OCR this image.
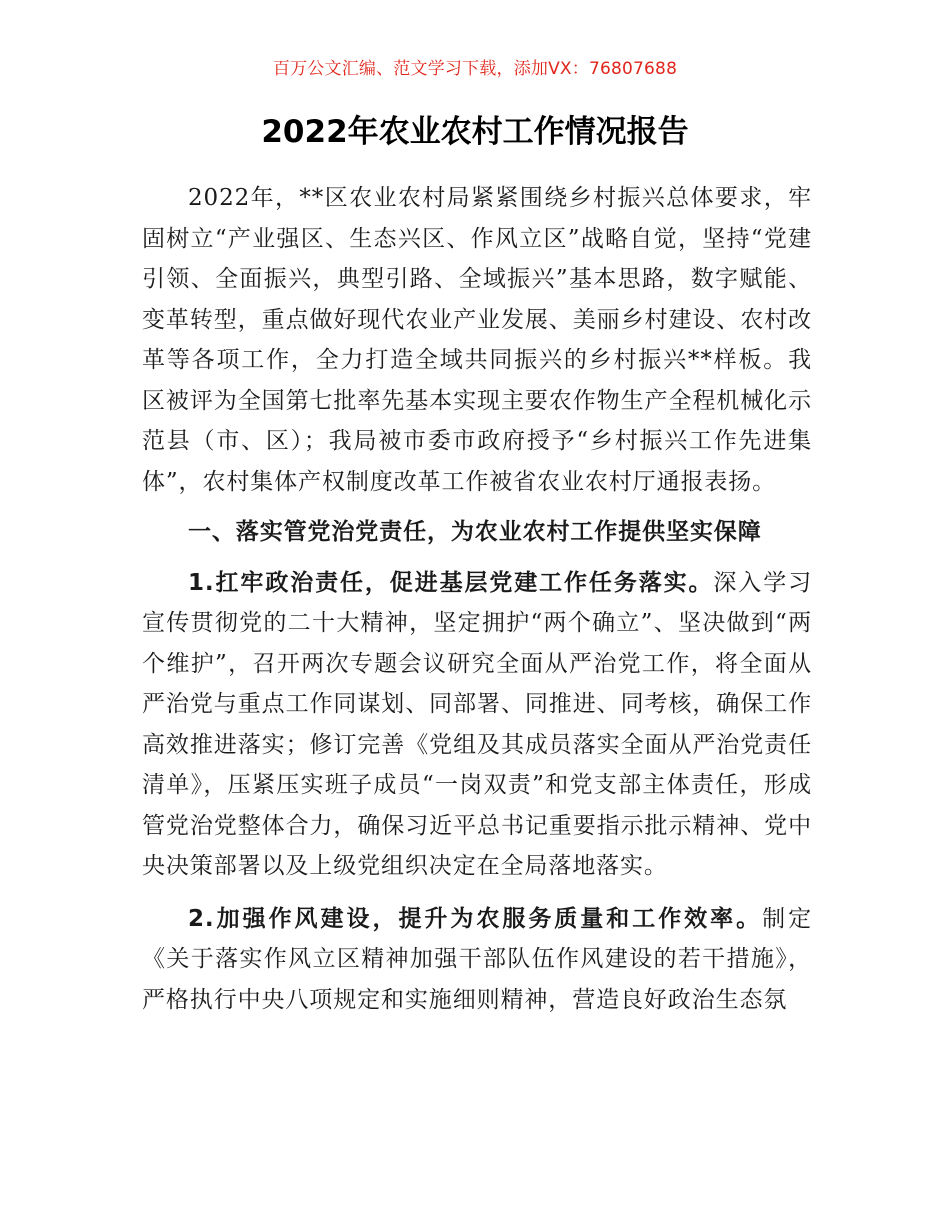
百万公文汇编、范文学习下载，添加VX：76807688
2022年农业农村工作情况报告

2022年，**区农业农村局紧紧围绕乡村振兴总体要求，牢固树立“产业强区、生态兴区、作风立区”战略自觉，坚持“党建引领、全面振兴，典型引路、全域振兴”基本思路，数字赋能、变革转型，重点做好现代农业产业发展、美丽乡村建设、农村改革等各项工作，全力打造全域共同振兴的乡村振兴**样板。我区被评为全国第七批率先基本实现主要农作物生产全程机械化示范县（市、区）；我局被市委市政府授予“乡村振兴工作先进集体”，农村集体产权制度改革工作被省农业农村厅通报表扬。

一、落实管党治党责任，为农业农村工作提供坚实保障

1.扛牢政治责任，促进基层党建工作任务落实。深入学习宣传贯彻党的二十大精神，坚定拥护“两个确立”、坚决做到“两个维护”，召开两次专题会议研究全面从严治党工作，将全面从严治党与重点工作同谋划、同部署、同推进、同考核，确保工作高效推进落实；修订完善《党组及其成员落实全面从严治党责任清单》，压紧压实班子成员“一岗双责”和党支部主体责任，形成管党治党整体合力，确保习近平总书记重要指示批示精神、党中央决策部署以及上级党组织决定在全局落地落实。

2.加强作风建设，提升为农服务质量和工作效率。制定《关于落实作风立区精神加强干部队伍作风建设的若干措施》，严格执行中央八项规定和实施细则精神，营造良好政治生态氛
